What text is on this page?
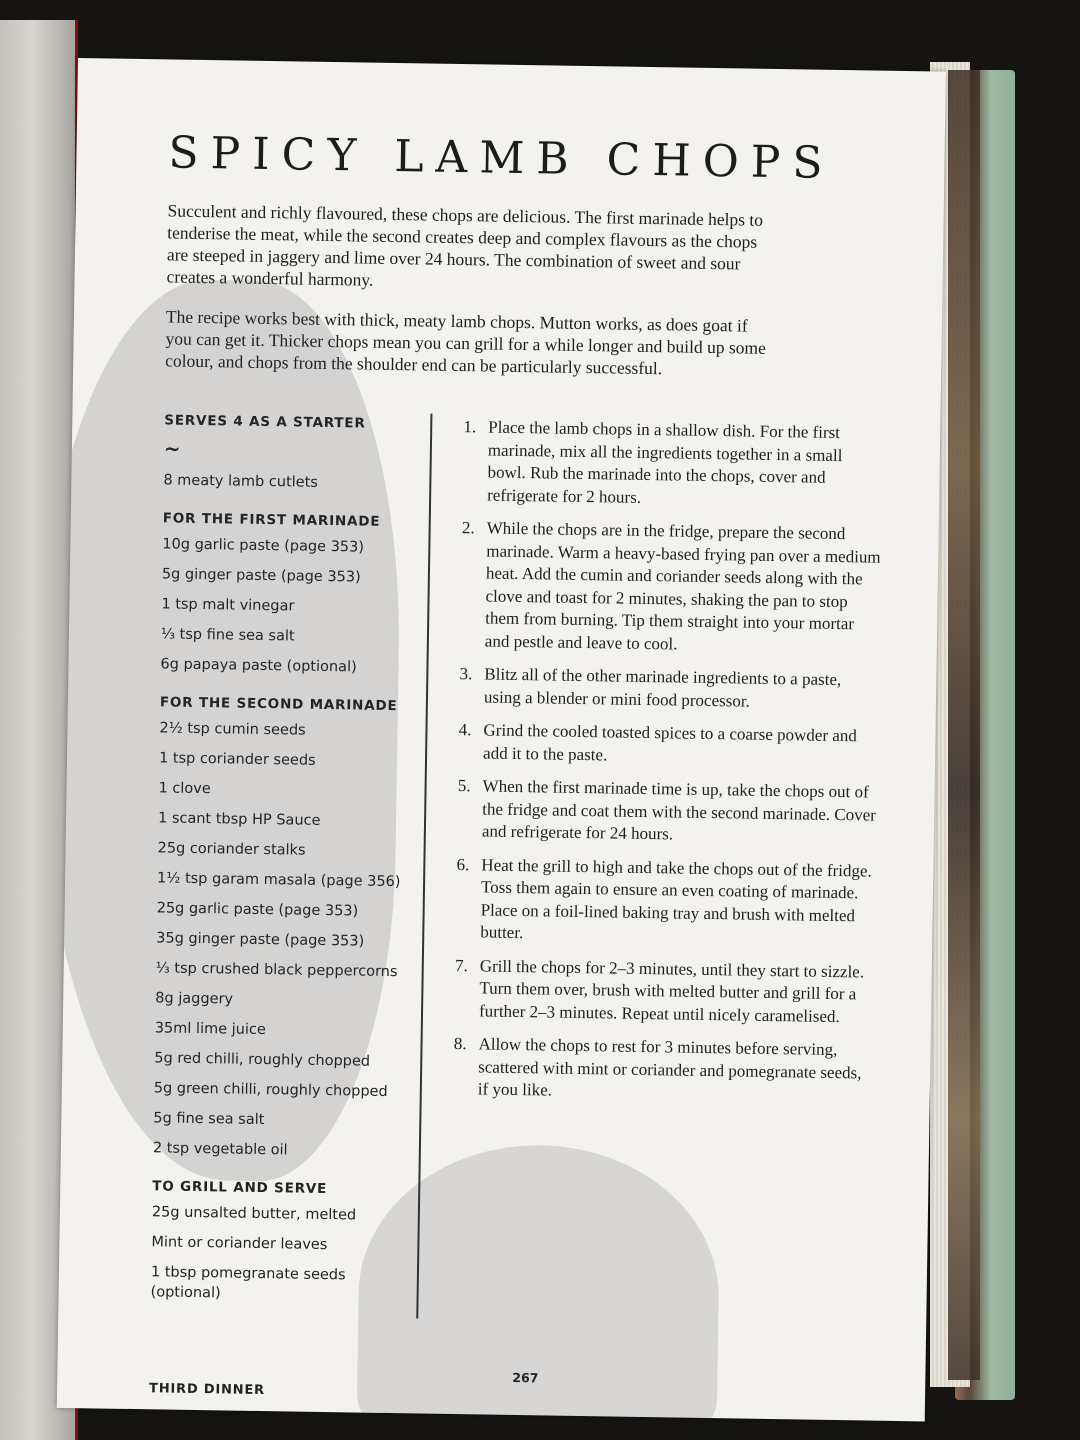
SPICY LAMB CHOPS

Succulent and richly flavoured, these chops are delicious. The first marinade helps to tenderise the meat, while the second creates deep and complex flavours as the chops are steeped in jaggery and lime over 24 hours. The combination of sweet and sour creates a wonderful harmony.

The recipe works best with thick, meaty lamb chops. Mutton works, as does goat if you can get it. Thicker chops mean you can grill for a while longer and build up some colour, and chops from the shoulder end can be particularly successful.

SERVES 4 AS A STARTER
~
8 meaty lamb cutlets
FOR THE FIRST MARINADE
10g garlic paste (page 353)
5g ginger paste (page 353)
1 tsp malt vinegar
⅓ tsp fine sea salt
6g papaya paste (optional)
FOR THE SECOND MARINADE
2½ tsp cumin seeds
1 tsp coriander seeds
1 clove
1 scant tbsp HP Sauce
25g coriander stalks
1½ tsp garam masala (page 356)
25g garlic paste (page 353)
35g ginger paste (page 353)
⅓ tsp crushed black peppercorns
8g jaggery
35ml lime juice
5g red chilli, roughly chopped
5g green chilli, roughly chopped
5g fine sea salt
2 tsp vegetable oil
TO GRILL AND SERVE
25g unsalted butter, melted
Mint or coriander leaves
1 tbsp pomegranate seeds (optional)
1. Place the lamb chops in a shallow dish. For the first marinade, mix all the ingredients together in a small bowl. Rub the marinade into the chops, cover and refrigerate for 2 hours.
2. While the chops are in the fridge, prepare the second marinade. Warm a heavy-based frying pan over a medium heat. Add the cumin and coriander seeds along with the clove and toast for 2 minutes, shaking the pan to stop them from burning. Tip them straight into your mortar and pestle and leave to cool.
3. Blitz all of the other marinade ingredients to a paste, using a blender or mini food processor.
4. Grind the cooled toasted spices to a coarse powder and add it to the paste.
5. When the first marinade time is up, take the chops out of the fridge and coat them with the second marinade. Cover and refrigerate for 24 hours.
6. Heat the grill to high and take the chops out of the fridge. Toss them again to ensure an even coating of marinade. Place on a foil-lined baking tray and brush with melted butter.
7. Grill the chops for 2–3 minutes, until they start to sizzle. Turn them over, brush with melted butter and grill for a further 2–3 minutes. Repeat until nicely caramelised.
8. Allow the chops to rest for 3 minutes before serving, scattered with mint or coriander and pomegranate seeds, if you like.
267
THIRD DINNER
